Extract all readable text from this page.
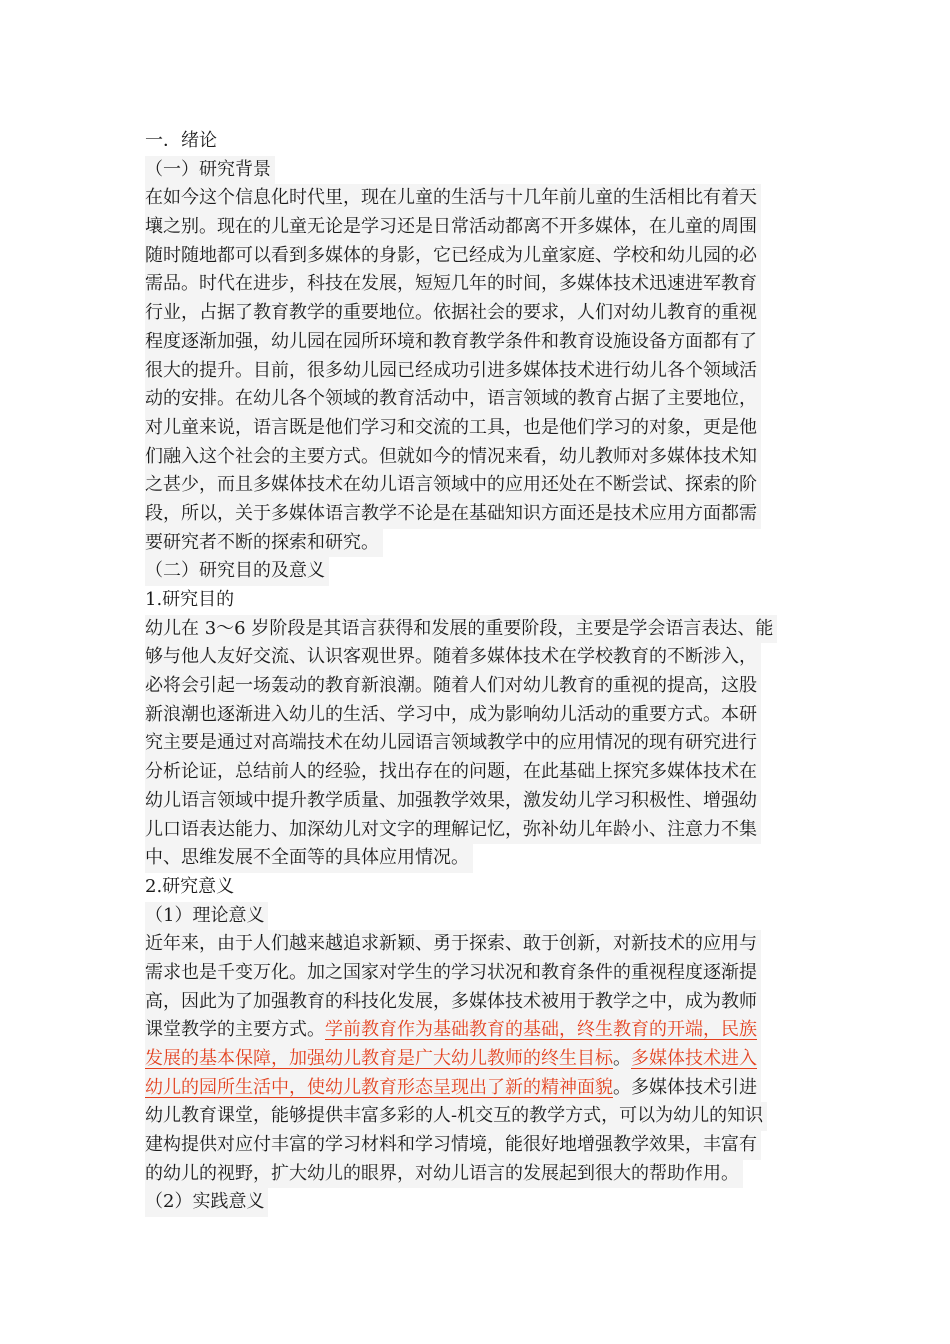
一．绪论
（一）研究背景
在如今这个信息化时代里，现在儿童的生活与十几年前儿童的生活相比有着天
壤之别。现在的儿童无论是学习还是日常活动都离不开多媒体，在儿童的周围
随时随地都可以看到多媒体的身影，它已经成为儿童家庭、学校和幼儿园的必
需品。时代在进步，科技在发展，短短几年的时间，多媒体技术迅速进军教育
行业，占据了教育教学的重要地位。依据社会的要求，人们对幼儿教育的重视
程度逐渐加强，幼儿园在园所环境和教育教学条件和教育设施设备方面都有了
很大的提升。目前，很多幼儿园已经成功引进多媒体技术进行幼儿各个领域活
动的安排。在幼儿各个领域的教育活动中，语言领域的教育占据了主要地位，
对儿童来说，语言既是他们学习和交流的工具，也是他们学习的对象，更是他
们融入这个社会的主要方式。但就如今的情况来看，幼儿教师对多媒体技术知
之甚少，而且多媒体技术在幼儿语言领域中的应用还处在不断尝试、探索的阶
段，所以，关于多媒体语言教学不论是在基础知识方面还是技术应用方面都需
要研究者不断的探索和研究。
（二）研究目的及意义
1.研究目的
幼儿在 3～6 岁阶段是其语言获得和发展的重要阶段，主要是学会语言表达、能
够与他人友好交流、认识客观世界。随着多媒体技术在学校教育的不断涉入，
必将会引起一场轰动的教育新浪潮。随着人们对幼儿教育的重视的提高，这股
新浪潮也逐渐进入幼儿的生活、学习中，成为影响幼儿活动的重要方式。本研
究主要是通过对高端技术在幼儿园语言领域教学中的应用情况的现有研究进行
分析论证，总结前人的经验，找出存在的问题，在此基础上探究多媒体技术在
幼儿语言领域中提升教学质量、加强教学效果，激发幼儿学习积极性、增强幼
儿口语表达能力、加深幼儿对文字的理解记忆，弥补幼儿年龄小、注意力不集
中、思维发展不全面等的具体应用情况。
2.研究意义
（1）理论意义
近年来，由于人们越来越追求新颖、勇于探索、敢于创新，对新技术的应用与
需求也是千变万化。加之国家对学生的学习状况和教育条件的重视程度逐渐提
高，因此为了加强教育的科技化发展，多媒体技术被用于教学之中，成为教师
课堂教学的主要方式。学前教育作为基础教育的基础，终生教育的开端，民族
发展的基本保障，加强幼儿教育是广大幼儿教师的终生目标。多媒体技术进入
幼儿的园所生活中，使幼儿教育形态呈现出了新的精神面貌。多媒体技术引进
幼儿教育课堂，能够提供丰富多彩的人-机交互的教学方式，可以为幼儿的知识
建构提供对应付丰富的学习材料和学习情境，能很好地增强教学效果，丰富有
的幼儿的视野，扩大幼儿的眼界，对幼儿语言的发展起到很大的帮助作用。
（2）实践意义
